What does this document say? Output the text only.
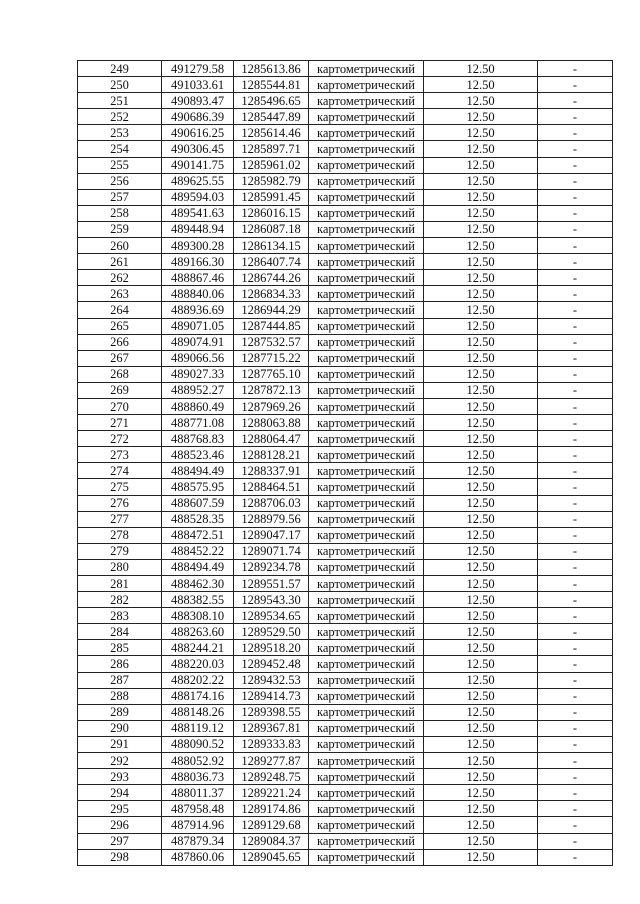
249	491279.58	1285613.86	картометрический	12.50	-
250	491033.61	1285544.81	картометрический	12.50	-
251	490893.47	1285496.65	картометрический	12.50	-
252	490686.39	1285447.89	картометрический	12.50	-
253	490616.25	1285614.46	картометрический	12.50	-
254	490306.45	1285897.71	картометрический	12.50	-
255	490141.75	1285961.02	картометрический	12.50	-
256	489625.55	1285982.79	картометрический	12.50	-
257	489594.03	1285991.45	картометрический	12.50	-
258	489541.63	1286016.15	картометрический	12.50	-
259	489448.94	1286087.18	картометрический	12.50	-
260	489300.28	1286134.15	картометрический	12.50	-
261	489166.30	1286407.74	картометрический	12.50	-
262	488867.46	1286744.26	картометрический	12.50	-
263	488840.06	1286834.33	картометрический	12.50	-
264	488936.69	1286944.29	картометрический	12.50	-
265	489071.05	1287444.85	картометрический	12.50	-
266	489074.91	1287532.57	картометрический	12.50	-
267	489066.56	1287715.22	картометрический	12.50	-
268	489027.33	1287765.10	картометрический	12.50	-
269	488952.27	1287872.13	картометрический	12.50	-
270	488860.49	1287969.26	картометрический	12.50	-
271	488771.08	1288063.88	картометрический	12.50	-
272	488768.83	1288064.47	картометрический	12.50	-
273	488523.46	1288128.21	картометрический	12.50	-
274	488494.49	1288337.91	картометрический	12.50	-
275	488575.95	1288464.51	картометрический	12.50	-
276	488607.59	1288706.03	картометрический	12.50	-
277	488528.35	1288979.56	картометрический	12.50	-
278	488472.51	1289047.17	картометрический	12.50	-
279	488452.22	1289071.74	картометрический	12.50	-
280	488494.49	1289234.78	картометрический	12.50	-
281	488462.30	1289551.57	картометрический	12.50	-
282	488382.55	1289543.30	картометрический	12.50	-
283	488308.10	1289534.65	картометрический	12.50	-
284	488263.60	1289529.50	картометрический	12.50	-
285	488244.21	1289518.20	картометрический	12.50	-
286	488220.03	1289452.48	картометрический	12.50	-
287	488202.22	1289432.53	картометрический	12.50	-
288	488174.16	1289414.73	картометрический	12.50	-
289	488148.26	1289398.55	картометрический	12.50	-
290	488119.12	1289367.81	картометрический	12.50	-
291	488090.52	1289333.83	картометрический	12.50	-
292	488052.92	1289277.87	картометрический	12.50	-
293	488036.73	1289248.75	картометрический	12.50	-
294	488011.37	1289221.24	картометрический	12.50	-
295	487958.48	1289174.86	картометрический	12.50	-
296	487914.96	1289129.68	картометрический	12.50	-
297	487879.34	1289084.37	картометрический	12.50	-
298	487860.06	1289045.65	картометрический	12.50	-
